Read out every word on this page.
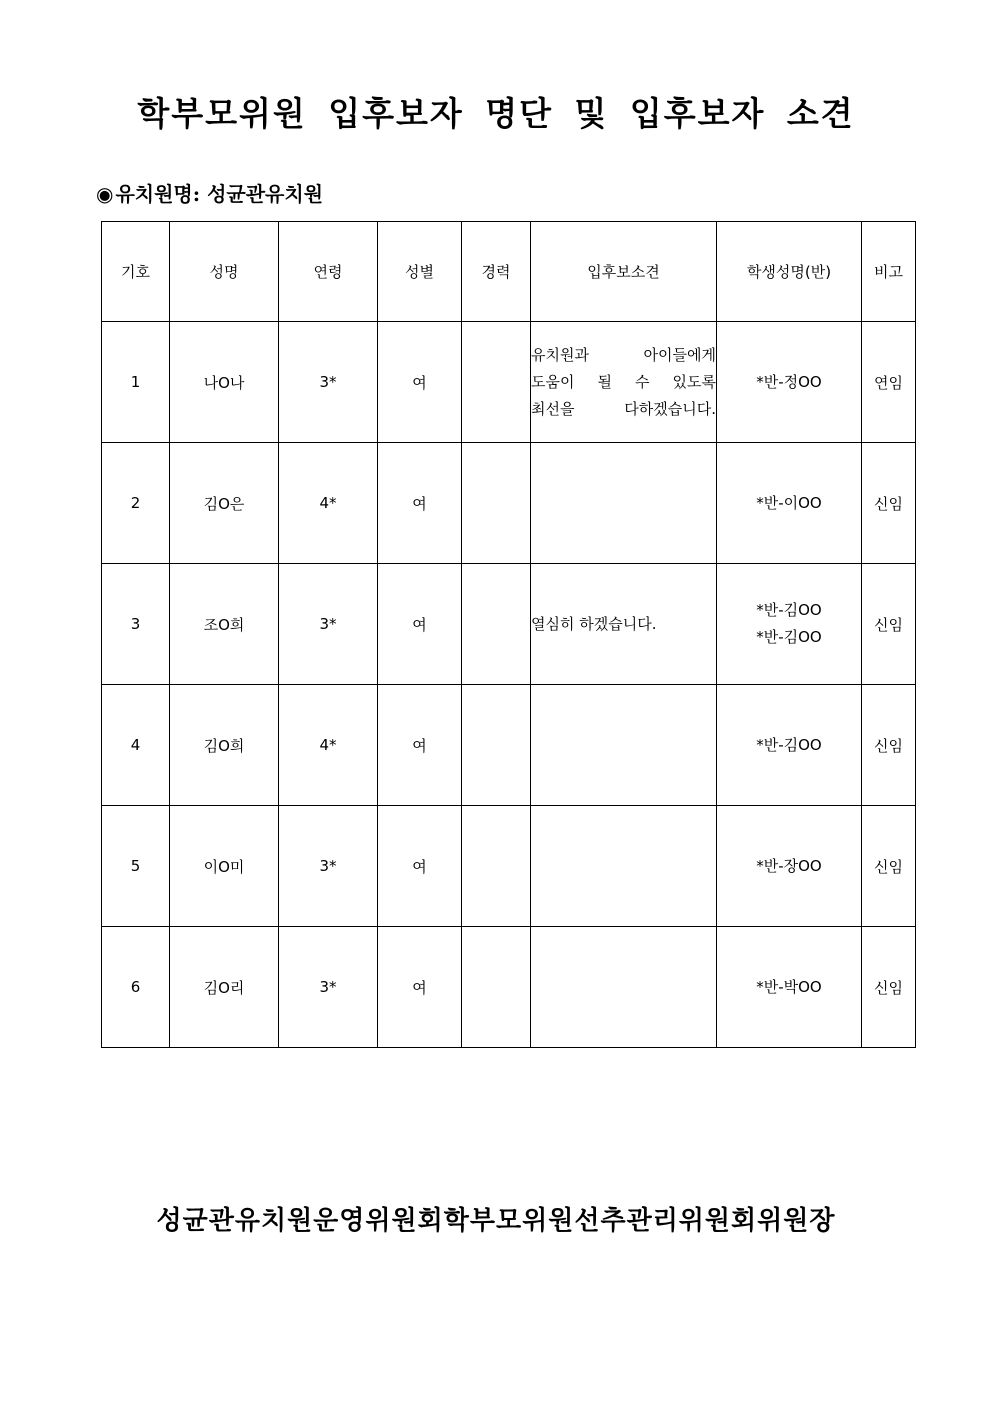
학부모위원 입후보자 명단 및 입후보자 소견
◉ 유치원명: 성균관유치원
기호	성명	연령	성별	경력	입후보소견	학생성명(반)	비고
1	나O나	3*	여		유치원과 아이들에게
도움이 될 수 있도록
최선을 다하겠습니다.	*반-정OO	연임
2	김O은	4*	여			*반-이OO	신임
3	조O희	3*	여		열심히 하겠습니다.	*반-김OO
*반-김OO	신임
4	김O희	4*	여			*반-김OO	신임
5	이O미	3*	여			*반-장OO	신임
6	김O리	3*	여			*반-박OO	신임
성균관유치원운영위원회학부모위원선추관리위원회위원장
